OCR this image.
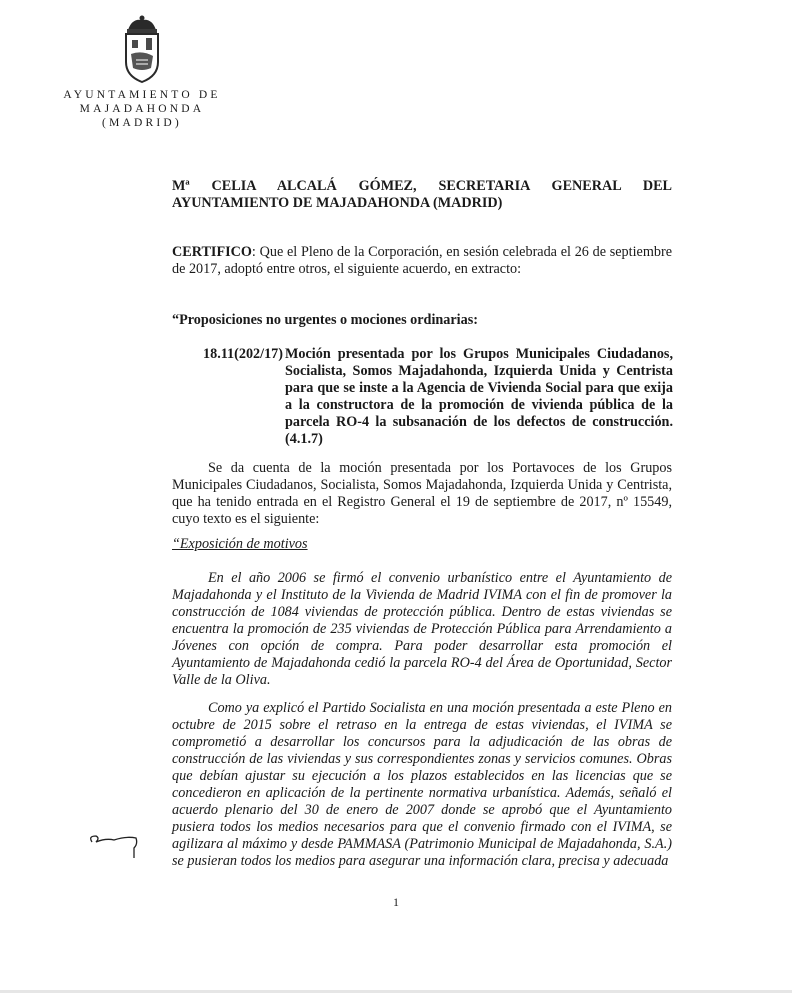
AYUNTAMIENTO DE
MAJADAHONDA
(MADRID)
Mª CELIA ALCALÁ GÓMEZ, SECRETARIA GENERAL DEL
AYUNTAMIENTO DE MAJADAHONDA (MADRID)
CERTIFICO: Que el Pleno de la Corporación, en sesión celebrada el 26 de septiembre de 2017, adoptó entre otros, el siguiente acuerdo, en extracto:
“Proposiciones no urgentes o mociones ordinarias:
18.11(202/17) Moción presentada por los Grupos Municipales Ciudadanos, Socialista, Somos Majadahonda, Izquierda Unida y Centrista para que se inste a la Agencia de Vivienda Social para que exija a la constructora de la promoción de vivienda pública de la parcela RO-4 la subsanación de los defectos de construcción. (4.1.7)
Se da cuenta de la moción presentada por los Portavoces de los Grupos Municipales Ciudadanos, Socialista, Somos Majadahonda, Izquierda Unida y Centrista, que ha tenido entrada en el Registro General el 19 de septiembre de 2017, nº 15549, cuyo texto es el siguiente:
“Exposición de motivos
En el año 2006 se firmó el convenio urbanístico entre el Ayuntamiento de Majadahonda y el Instituto de la Vivienda de Madrid IVIMA con el fin de promover la construcción de 1084 viviendas de protección pública. Dentro de estas viviendas se encuentra la promoción de 235 viviendas de Protección Pública para Arrendamiento a Jóvenes con opción de compra. Para poder desarrollar esta promoción el Ayuntamiento de Majadahonda cedió la parcela RO-4 del Área de Oportunidad, Sector Valle de la Oliva.
Como ya explicó el Partido Socialista en una moción presentada a este Pleno en octubre de 2015 sobre el retraso en la entrega de estas viviendas, el IVIMA se comprometió a desarrollar los concursos para la adjudicación de las obras de construcción de las viviendas y sus correspondientes zonas y servicios comunes. Obras que debían ajustar su ejecución a los plazos establecidos en las licencias que se concedieron en aplicación de la pertinente normativa urbanística. Además, señaló el acuerdo plenario del 30 de enero de 2007 donde se aprobó que el Ayuntamiento pusiera todos los medios necesarios para que el convenio firmado con el IVIMA, se agilizara al máximo y desde PAMMASA (Patrimonio Municipal de Majadahonda, S.A.) se pusieran todos los medios para asegurar una información clara, precisa y adecuada
1
